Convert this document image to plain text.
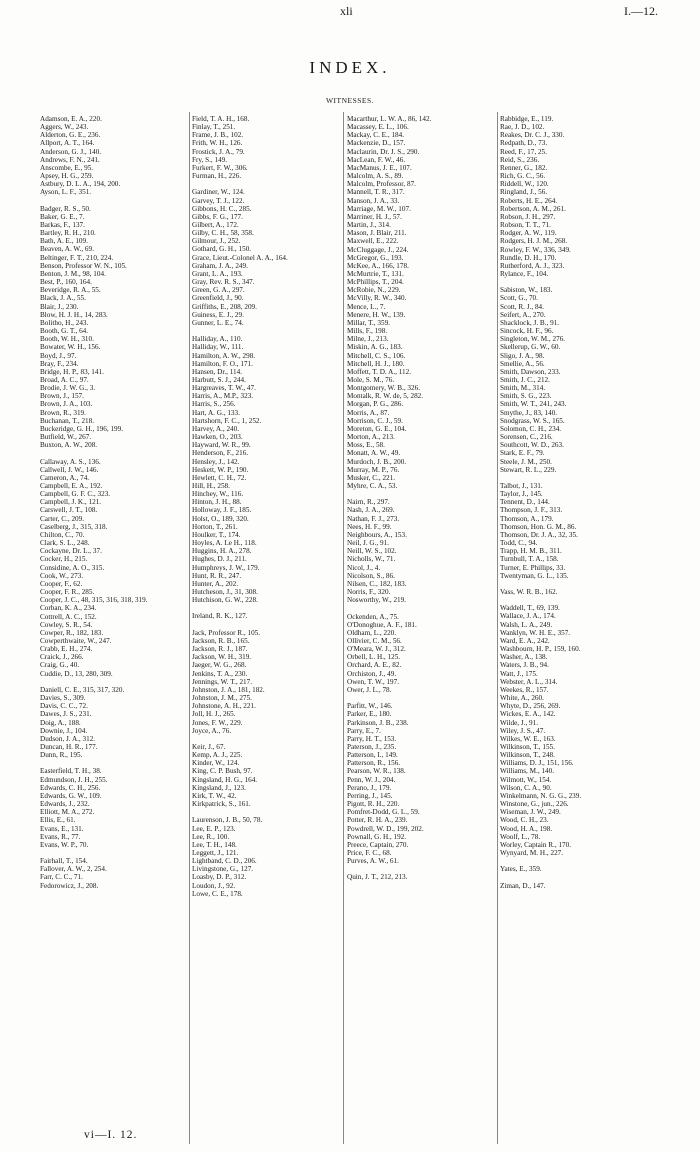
xli	I.—12.
INDEX.
WITNESSES.
Adamson, E. A., 220.
Aggers, W., 243.
Alderton, G. E., 236.
Allport, A. T., 164.
Anderson, G. J., 140.
Andrews, F. N., 241.
Anscombe, E., 95.
Apsey, H. G., 259.
Astbury, D. L. A., 194, 200.
Ayson, L. F., 351.
Badger, R. S., 50.
Baker, G. E., 7.
Barkas, F., 137.
Bartley, R. H., 210.
Bath, A. E., 109.
Beaven, A. W., 69.
Beltinger, F. T., 210, 224.
Benson, Professor W. N., 105.
Benton, J. M., 98, 104.
Best, P., 160, 164.
Beveridge, R. A., 55.
Black, J. A., 55.
Blair, J., 230.
Blow, H. J. H., 14, 283.
Bolitho, H., 243.
Booth, G. T., 64.
Booth, W. H., 310.
Bowater, W. H., 156.
Boyd, J., 97.
Bray, F., 234.
Bridge, H. P., 83, 141.
Broad, A. C., 97.
Brodie, J. W. G., 3.
Brown, J., 157.
Brown, J. A., 103.
Brown, R., 319.
Buchanan, T., 218.
Buckeridge, G. H., 196, 199.
Butfield, W., 267.
Buxton, A. W., 208.
Callaway, A. S., 136.
Callwell, J. W., 146.
Cameron, A., 74.
Campbell, E. A., 192.
Campbell, G. F. C., 323.
Campbell, J. K., 121.
Carswell, J. T., 108.
Carter, C., 209.
Caselberg, J., 315, 318.
Chilton, C., 70.
Clark, S. L., 248.
Cockayne, Dr. L., 37.
Cocker, H., 215.
Considine, A. O., 315.
Cook, W., 273.
Cooper, F., 62.
Cooper, F. R., 285.
Cooper, J. C., 48, 315, 316, 318, 319.
Corban, K. A., 234.
Cottrell, A. C., 152.
Cowley, S. R., 54.
Cowper, R., 182, 183.
Cowperthwaite, W., 247.
Crabb, E. H., 274.
Craick, J., 266.
Craig, G., 40.
Cuddie, D., 13, 280, 309.
Daniell, C. E., 315, 317, 320.
Davies, S., 309.
Davis, C. C., 72.
Dawes, J. S., 231.
Doig, A., 188.
Downie, J., 104.
Dudson, J. A., 312.
Duncan, H. R., 177.
Dunn, R., 195.
Easterfield, T. H., 38.
Edmundson, J. H., 255.
Edwards, C. H., 256.
Edwards, G. W., 109.
Edwards, J., 232.
Elliott, M. A., 272.
Ellis, E., 61.
Evans, E., 131.
Evans, R., 77.
Evans, W. P., 70.
Fairhall, T., 154.
Fallover, A. W., 2, 254.
Farr, C. C., 71.
Fedorowicz, J., 208.
Field, T. A. H., 168.
Finlay, T., 251.
Frame, J. B., 102.
Frith, W. H., 126.
Frostick, J. A., 79.
Fry, S., 149.
Furkert, F. W., 306.
Furman, H., 226.
Gardiner, W., 124.
Garvey, T. J., 122.
Gibbons, H. C., 285.
Gibbs, F. G., 177.
Gilbert, A., 172.
Gilby, C. H., 58, 358.
Gilmour, J., 252.
Gothard, G. H., 150.
Grace, Lieut.-Colonel A. A., 164.
Graham, J. A., 249.
Grant, L. A., 193.
Gray, Rev. R. S., 347.
Green, G. A., 297.
Greenfield, J., 90.
Griffiths, E., 208, 209.
Guiness, E. J., 29.
Gunner, L. E., 74.
Halliday, A., 110.
Halliday, W., 111.
Hamilton, A. W., 298.
Hamilton, F. O., 171.
Hansen, Dr., 114.
Harbutt, S. J., 244.
Hargreaves, T. W., 47.
Harris, A., M.P., 323.
Harris, S., 256.
Hart, A. G., 133.
Hartshorn, F. C., 1, 252.
Harvey, A., 240.
Hawken, O., 203.
Hayward, W. R., 99.
Henderson, F., 216.
Hensley, J., 142.
Heskett, W. P., 190.
Hewlett, C. H., 72.
Hill, H., 258.
Hinchey, W., 116.
Hinton, J. H., 88.
Holloway, J. F., 185.
Holst, O., 189, 320.
Horton, T., 261.
Houlker, T., 174.
Hoyles, A. Le H., 118.
Huggins, H. A., 278.
Hughes, D. J., 211.
Humphreys, J. W., 179.
Hunt, R. R., 247.
Hunter, A., 202.
Hutcheson, J., 31, 308.
Hutchison, G. W., 228.
Ireland, R. K., 127.
Jack, Professor R., 105.
Jackson, R. B., 165.
Jackson, R. J., 187.
Jackson, W. H., 319.
Jaeger, W. G., 268.
Jenkins, T. A., 230.
Jennings, W. T., 217.
Johnston, J. A., 181, 182.
Johnston, J. M., 275.
Johnstone, A. H., 221.
Joll, H. J., 265.
Jones, F. W., 229.
Joyce, A., 76.
Keir, J., 67.
Kemp, A. J., 225.
Kinder, W., 124.
King, C. P. Bush, 97.
Kingsland, H. G., 164.
Kingsland, J., 123.
Kirk, T. W., 42.
Kirkpatrick, S., 161.
Laurenson, J. B., 50, 78.
Lee, E. P., 123.
Lee, R., 100.
Lee, T. H., 148.
Leggett, J., 121.
Lightband, C. D., 206.
Livingstone, G., 127.
Loasby, D. P., 312.
Loudon, J., 92.
Lowe, C. E., 178.
Macarthur, L. W. A., 86, 142.
Macassey, E. L., 106.
Mackay, C. E., 184.
Mackenzie, D., 157.
Maclaurin, Dr. J. S., 290.
MacLean, F. W., 46.
MacManus, J. E., 107.
Malcolm, A. S., 89.
Malcolm, Professor, 87.
Mannell, T. R., 317.
Manson, J. A., 33.
Marriage, M. W., 107.
Marriner, H. J., 57.
Martin, J., 314.
Mason, J. Blair, 211.
Maxwell, E., 222.
McCluggage, J., 224.
McGregor, G., 193.
McKee, A., 166, 178.
McMurtrie, T., 131.
McPhillips, T., 204.
McRobie, N., 229.
McVilly, R. W., 340.
Mence, L., 7.
Menere, H. W., 139.
Millar, T., 359.
Mills, F., 198.
Milne, J., 213.
Miskin, A. G., 183.
Mitchell, C. S., 106.
Mitchell, H. J., 180.
Moffett, T. D. A., 112.
Mole, S. M., 76.
Montgomery, W. B., 326.
Montalk, R. W. de, 5, 282.
Morgan, P. G., 286.
Morris, A., 87.
Morrison, C. J., 59.
Moreton, G. E., 104.
Morton, A., 213.
Moss, E., 58.
Monatt, A. W., 49.
Murdoch, J. B., 200.
Murray, M. P., 76.
Musker, C., 221.
Myhre, C. A., 53.
Nairn, R., 297.
Nash, J. A., 269.
Nathan, F. J., 273.
Nees, H. F., 99.
Neighbours, A., 153.
Neil, J. G., 91.
Neill, W. S., 102.
Nicholls, W., 71.
Nicol, J., 4.
Nicolson, S., 86.
Nilsen, C., 182, 183.
Norris, F., 320.
Nosworthy, W., 219.
Ockenden, A., 75.
O'Donoghue, A. F., 181.
Oldham, L., 220.
Ollivier, C. M., 56.
O'Meara, W. J., 312.
Orbell, L. H., 125.
Orchard, A. E., 82.
Orchiston, J., 49.
Owen, T. W., 197.
Ower, J. L., 78.
Parfitt, W., 146.
Parker, E., 180.
Parkinson, J. B., 238.
Parry, E., 7.
Parry, H. T., 153.
Paterson, J., 235.
Patterson, I., 149.
Patterson, R., 156.
Pearson, W. R., 138.
Penn, W. J., 204.
Perano, J., 179.
Perring, J., 145.
Pigott, R. H., 220.
Pomfret-Dodd, G. L., 59.
Potter, R. H. A., 239.
Powdrell, W. D., 199, 202.
Pownall, G. H., 192.
Preece, Captain, 270.
Price, F. C., 68.
Purves, A. W., 61.
Quin, J. T., 212, 213.
Rabbidge, E., 119.
Rae, J. D., 102.
Reakes, Dr. C. J., 330.
Redpath, D., 73.
Reed, F., 17, 25.
Reid, S., 236.
Renner, G., 182.
Rich, G. C., 56.
Riddell, W., 120.
Ringland, J., 56.
Roberts, H. E., 264.
Robertson, A. M., 261.
Robson, J. H., 297.
Robson, T. T., 71.
Rodger, A. W., 119.
Rodgers, H. J. M., 268.
Rowley, F. W., 336, 349.
Rundle, D. H., 170.
Rutherford, A. J., 323.
Rylance, F., 104.
Sabiston, W., 183.
Scott, G., 70.
Scott, R. J., 84.
Seifert, A., 270.
Shacklock, J. B., 91.
Sincock, H. F., 96.
Singleton, W. M., 276.
Skellerup, G. W., 60.
Sligo, J. A., 98.
Smellie, A., 56.
Smith, Dawson, 233.
Smith, J. C., 212.
Smith, M., 314.
Smith, S. G., 223.
Smith, W. T., 241, 243.
Smythe, J., 83, 140.
Snodgrass, W. S., 165.
Solomon, C. H., 234.
Sorensen, C., 216.
Southcott, W. D., 263.
Stark, E. F., 79.
Steele, J. M., 250.
Stewart, R. L., 229.
Talbot, J., 131.
Taylor, J., 145.
Tennent, D., 144.
Thompson, J. F., 313.
Thomson, A., 179.
Thomson, Hon. G. M., 86.
Thomson, Dr. J. A., 32, 35.
Todd, C., 94.
Trapp, H. M. B., 311.
Turnbull, T. A., 158.
Turner, E. Phillips, 33.
Twentyman, G. L., 135.
Vass, W. R. B., 162.
Waddell, T., 69, 139.
Wallace, J. A., 174.
Walsh, L. A., 249.
Wanklyn, W. H. E., 357.
Ward, E. A., 242.
Washbourn, H. P., 159, 160.
Washer, A., 138.
Waters, J. B., 94.
Watt, J., 175.
Webster, A. L., 314.
Weekes, R., 157.
White, A., 260.
Whyte, D., 256, 269.
Wickes, E. A., 142.
Wilde, J., 91.
Wiley, J. S., 47.
Wilkes, W. E., 163.
Wilkinson, T., 155.
Wilkinson, T., 248.
Williams, D. J., 151, 156.
Williams, M., 140.
Wilmott, W., 154.
Wilson, C. A., 90.
Winkelmann, N. G. G., 239.
Winstone, G., jun., 226.
Wiseman, J. W., 249.
Wood, C. H., 23.
Wood, H. A., 198.
Woolf, L., 78.
Worley, Captain R., 170.
Wynyard, M. H., 227.
Yates, E., 359.
Ziman, D., 147.
vi—I. 12.
